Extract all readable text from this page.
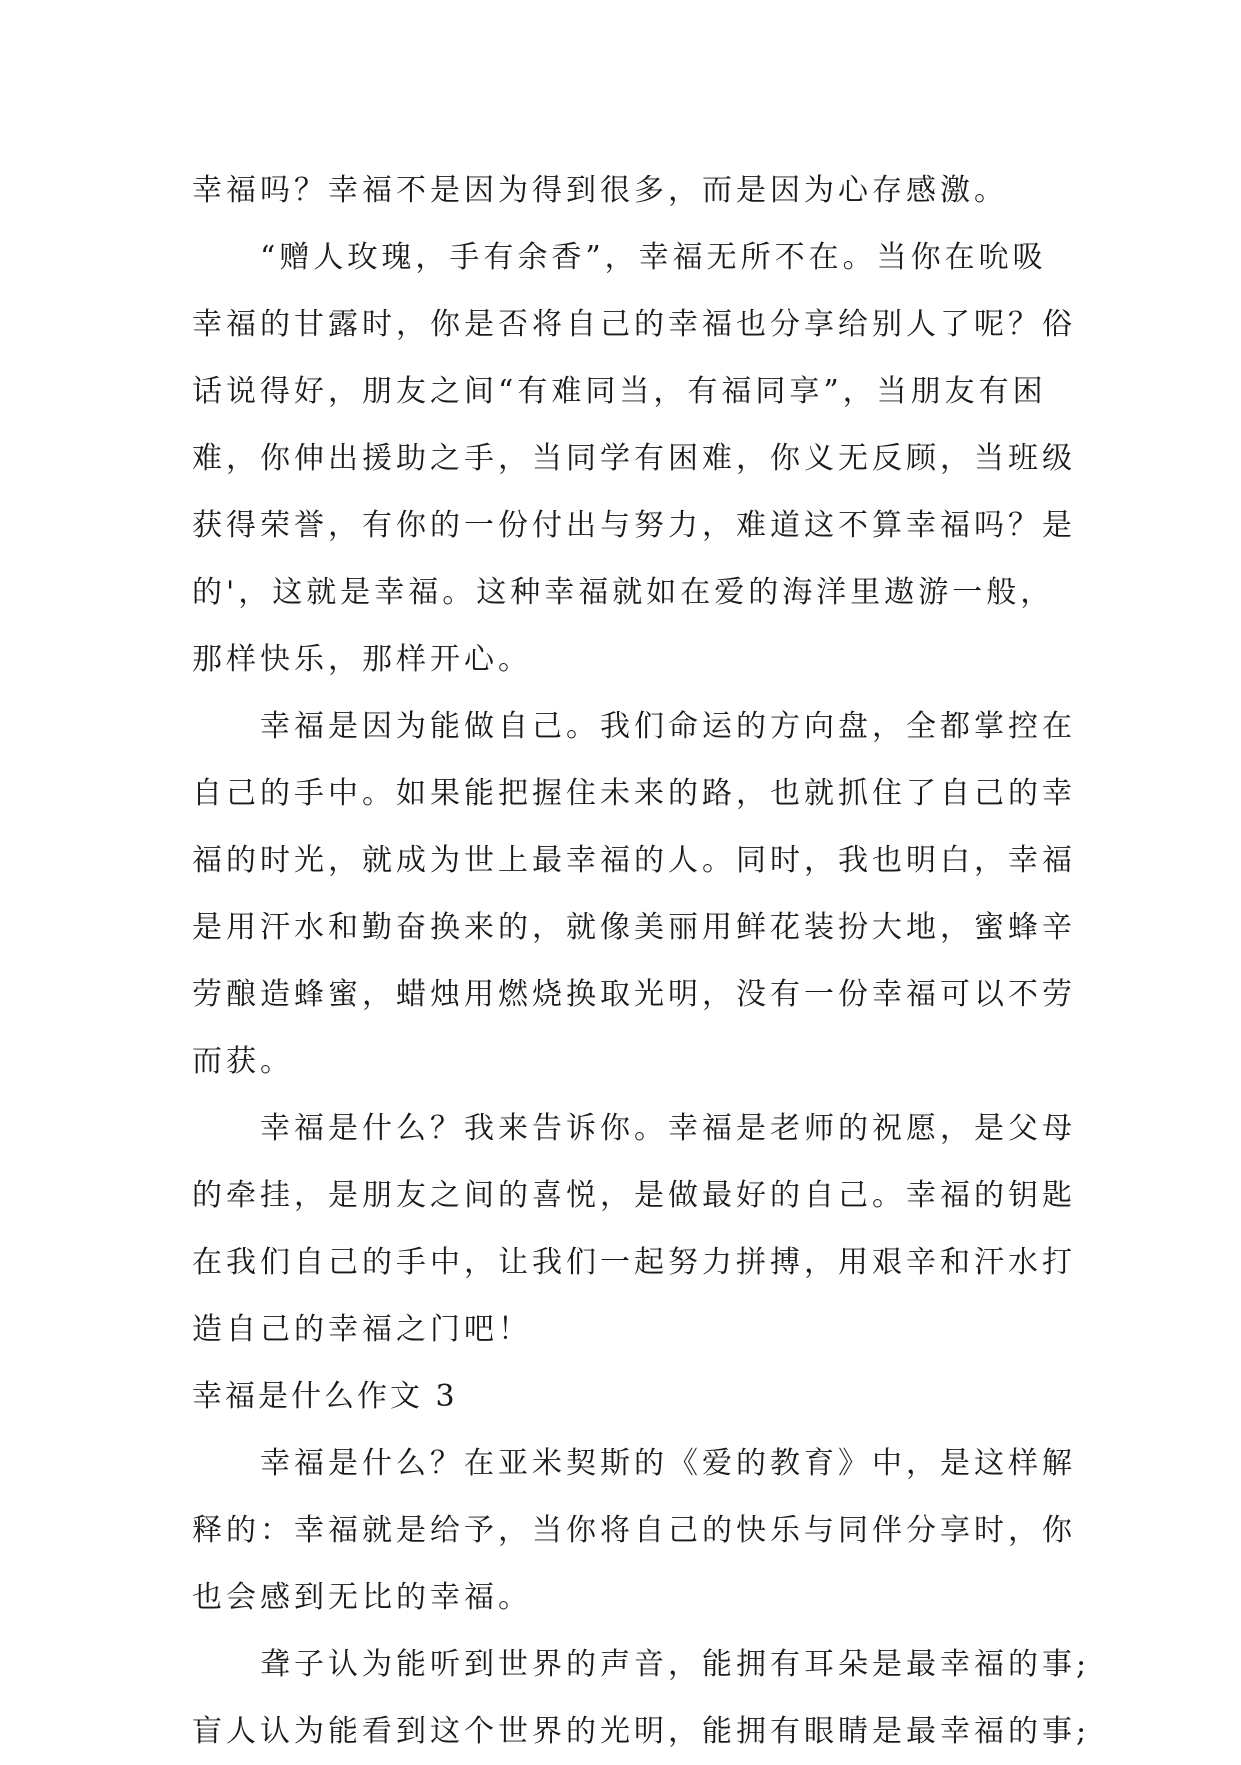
幸福吗？幸福不是因为得到很多，而是因为心存感激。
“赠人玫瑰，手有余香”，幸福无所不在。当你在吮吸
幸福的甘露时，你是否将自己的幸福也分享给别人了呢？俗
话说得好，朋友之间“有难同当，有福同享”，当朋友有困
难，你伸出援助之手，当同学有困难，你义无反顾，当班级
获得荣誉，有你的一份付出与努力，难道这不算幸福吗？是
的'，这就是幸福。这种幸福就如在爱的海洋里遨游一般，
那样快乐，那样开心。
幸福是因为能做自己。我们命运的方向盘，全都掌控在
自己的手中。如果能把握住未来的路，也就抓住了自己的幸
福的时光，就成为世上最幸福的人。同时，我也明白，幸福
是用汗水和勤奋换来的，就像美丽用鲜花装扮大地，蜜蜂辛
劳酿造蜂蜜，蜡烛用燃烧换取光明，没有一份幸福可以不劳
而获。
幸福是什么？我来告诉你。幸福是老师的祝愿，是父母
的牵挂，是朋友之间的喜悦，是做最好的自己。幸福的钥匙
在我们自己的手中，让我们一起努力拼搏，用艰辛和汗水打
造自己的幸福之门吧！
幸福是什么作文 3
幸福是什么？在亚米契斯的《爱的教育》中，是这样解
释的：幸福就是给予，当你将自己的快乐与同伴分享时，你
也会感到无比的幸福。
聋子认为能听到世界的声音，能拥有耳朵是最幸福的事;
盲人认为能看到这个世界的光明，能拥有眼睛是最幸福的事;
